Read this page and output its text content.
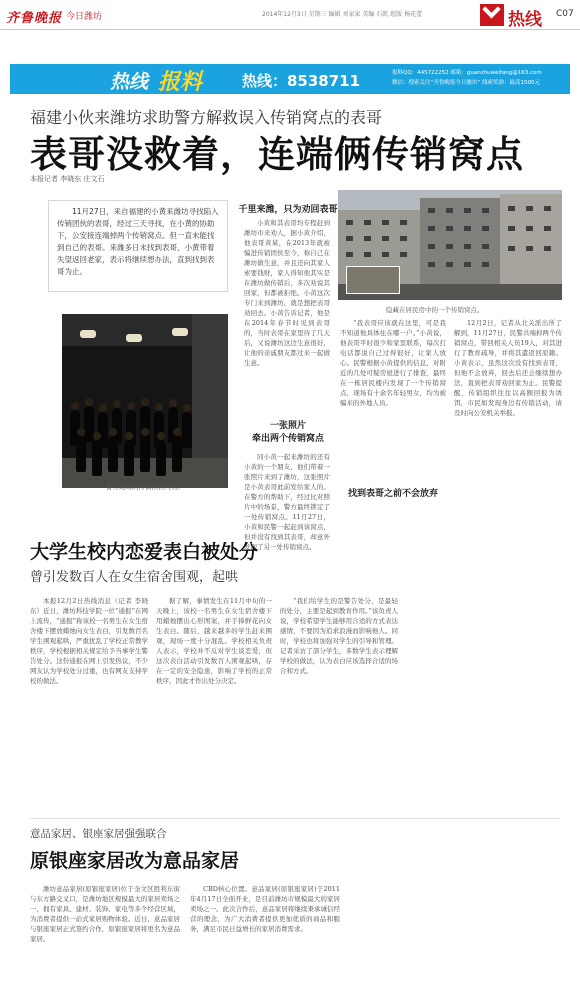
齐鲁晚报 今日潍坊	2014年12月3日 星期三 编辑 刘家家 美编 石凯 组版 杨花蕾	热线 C07
热线 报料	热线：8538711	报料QQ：445722252 邮箱：guanzhuweifang@163.com
微信：搜索关注“齐鲁晚报今日潍坊” 线索奖励：最高1500元
福建小伙来潍坊求助警方解救误入传销窝点的表哥
表哥没救着，连端俩传销窝点
本报记者 李晓东 庄文石
11月27日，来自福建的小黄来潍坊寻找陷入传销团伙的表哥，经过三天寻找，在小黄的协助下，公安接连端掉两个传销窝点。但一直未能找到自己的表哥。来潍多日未找到表哥，小黄带着失望返回老家，表示将继续想办法，直到找到表哥为止。
警方现场的传销团伙人员。
千里来潍，只为劝回表哥
小黄和其表哥均专程赶到潍坊市来劝人，据小黄介绍，他表哥黄某，在2013年就被骗进传销团伙至今，称自己在潍坊做生意，并且还向其家人索要钱财，家人得知他其实是在潍坊做传销后，多次劝说其回家，但都被拒绝。小黄这次专门来到潍坊，就是想把表哥劝回去。小黄告诉记者，他是在2014年春节时见到表哥的，当时表哥在家里待了几天后，又说潍坊这边生意很好，让他的亲戚朋友都过来一起做生意。
一张照片
牵出两个传销窝点
同小黄一起来潍坊的还有小黄的一个朋友，他们带着一张照片来到了潍坊，这张照片是小黄表哥此前发给家人的。在警方的帮助下，经过比对照片中的场景，警方最终锁定了一处传销窝点。11月27日，小黄和民警一起赶到该窝点，但并没有找到其表哥，却意外发现了另一处传销窝点。
隐藏在居民房中的一个传销窝点。
“我表哥应该就在这里，可是我不知道他具体住在哪一户。”小黄说，他表哥平时很少和家里联系，每次打电话都说自己过得很好，让家人放心。民警根据小黄提供的信息，对附近的几处可疑房屋进行了排查，最终在一栋居民楼内发现了一个传销窝点，现场有十余名年轻男女，均为被骗来的外地人员。
找到表哥之前不会放弃
12月2日，记者从北关派出所了解到，11月27日，民警共端掉两个传销窝点，带回相关人员19人，对其进行了教育疏导，并将其遣返回原籍。小黄表示，虽然这次没有找到表哥，但他不会放弃，回去后还会继续想办法，直到把表哥劝回家为止。民警提醒，传销组织往往以高额回报为诱饵，市民如发现身边有传销活动，请及时向公安机关举报。
大学生校内恋爱表白被处分
曾引发数百人在女生宿舍围观，起哄
本报12月2日热线消息（记者 李晓东）近日，潍坊科技学院一位“通报”在网上流传，“通报”称该校一名男生在女生宿舍楼下摆放蜡烛向女生表白，引发数百名学生围观起哄，严重扰乱了学校正常教学秩序，学校根据相关规定给予当事学生警告处分。这份通报在网上引发热议，不少网友认为学校处分过重，也有网友支持学校的做法。
据了解，事情发生在11月中旬的一天晚上，该校一名男生在女生宿舍楼下用蜡烛摆出心形图案，并手捧鲜花向女生表白。随后，越来越多的学生赶来围观，现场一度十分混乱。学校相关负责人表示，学校并不反对学生谈恋爱，但这次表白活动引发数百人围观起哄，存在一定的安全隐患，影响了学校的正常秩序，因此才作出处分决定。
“我们给学生的是警告处分，是最轻的处分，主要是起到教育作用。”该负责人说，学校希望学生能够用合适的方式表达感情，不要因为追求浪漫而影响他人。同时，学校也将加强对学生的引导和管理。记者采访了部分学生，多数学生表示理解学校的做法，认为表白应该选择合适的场合和方式。
意品家居、银座家居强强联合
原银座家居改为意品家居
潍坊意品家居(原银座家居)位于奎文区胜利东街与东方路交叉口，是潍坊地区规模最大的家居卖场之一，拥有家具、建材、装饰、家电等多个经营区域，为消费者提供一站式家居购物体验。近日，意品家居与银座家居正式签约合作，原银座家居将更名为意品家居。
CBD核心位置。意品家居(原银座家居)于2011年4月17日全面开业，是目前潍坊市规模最大的家居卖场之一。此次合作后，意品家居将继续秉承诚信经营的理念，为广大消费者提供更加优质的商品和服务，满足市民日益增长的家居消费需求。
